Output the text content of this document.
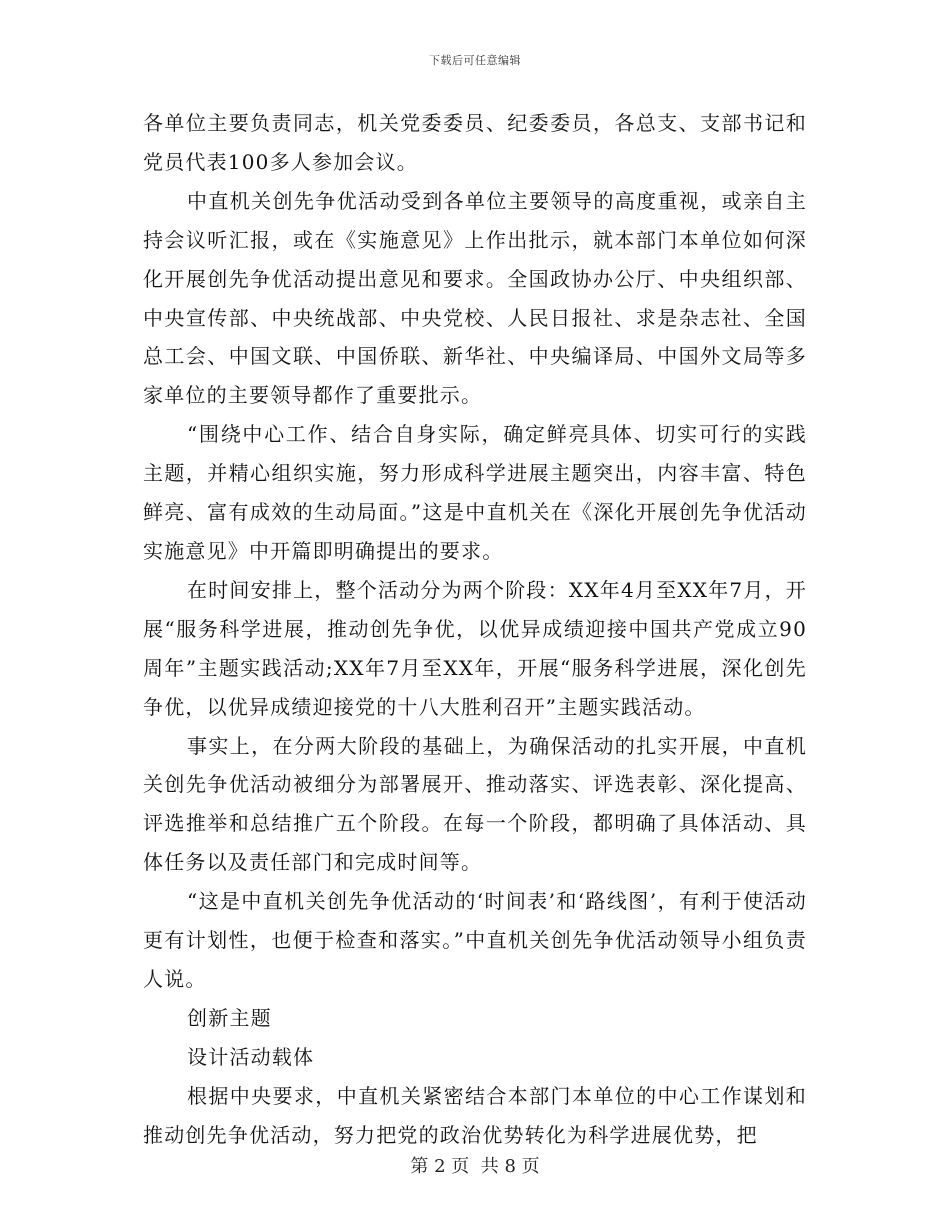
下载后可任意编辑

各单位主要负责同志，机关党委委员、纪委委员，各总支、支部书记和党员代表100多人参加会议。

中直机关创先争优活动受到各单位主要领导的高度重视，或亲自主持会议听汇报，或在《实施意见》上作出批示，就本部门本单位如何深化开展创先争优活动提出意见和要求。全国政协办公厅、中央组织部、中央宣传部、中央统战部、中央党校、人民日报社、求是杂志社、全国总工会、中国文联、中国侨联、新华社、中央编译局、中国外文局等多家单位的主要领导都作了重要批示。

“围绕中心工作、结合自身实际，确定鲜亮具体、切实可行的实践主题，并精心组织实施，努力形成科学进展主题突出，内容丰富、特色鲜亮、富有成效的生动局面。”这是中直机关在《深化开展创先争优活动实施意见》中开篇即明确提出的要求。

在时间安排上，整个活动分为两个阶段：XX年4月至XX年7月，开展“服务科学进展，推动创先争优，以优异成绩迎接中国共产党成立90周年”主题实践活动;XX年7月至XX年，开展“服务科学进展，深化创先争优，以优异成绩迎接党的十八大胜利召开”主题实践活动。

事实上，在分两大阶段的基础上，为确保活动的扎实开展，中直机关创先争优活动被细分为部署展开、推动落实、评选表彰、深化提高、评选推举和总结推广五个阶段。在每一个阶段，都明确了具体活动、具体任务以及责任部门和完成时间等。

“这是中直机关创先争优活动的‘时间表’和‘路线图’，有利于使活动更有计划性，也便于检查和落实。”中直机关创先争优活动领导小组负责人说。

创新主题

设计活动载体

根据中央要求，中直机关紧密结合本部门本单位的中心工作谋划和推动创先争优活动，努力把党的政治优势转化为科学进展优势，把

第 2 页  共 8 页
